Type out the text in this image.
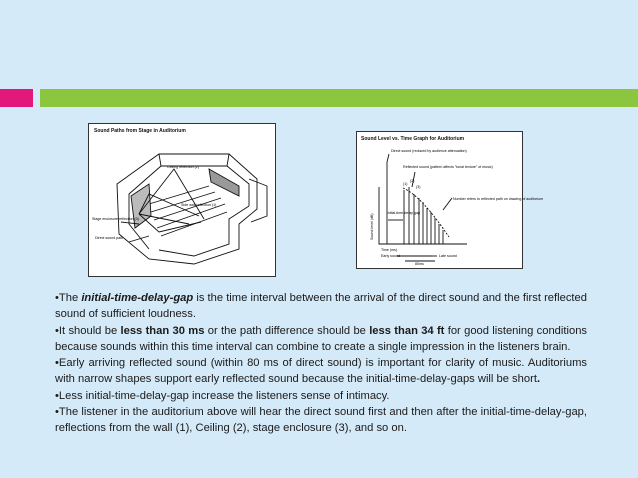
Sound Paths from Stage in Auditorium
Ceiling reflection (2)
Side wall reflection (1)
Stage enclosure reflection (3)
Direct sound path
Sound Level vs. Time Graph for Auditorium
Direct sound (reduced by audience attenuation)
Reflected sound (pattern affects "tonal texture" of music)
(1)
(2)
(3)
Number refers to reflected path on drawing of auditorium
initial-time-delay gap
Sound level (dB)
Time (ms)
Early sound	Late sound
80ms

•The initial-time-delay-gap is the time interval between the arrival of the direct sound and the first reflected sound of sufficient loudness.

•It should be less than 30 ms or the path difference should be less than 34 ft for good listening conditions because sounds within this time interval can combine to create a single impression in the listeners brain.

•Early arriving reflected sound (within 80 ms of direct sound) is important for clarity of music. Auditoriums with narrow shapes support early reflected sound because the initial-time-delay-gaps will be short.

•Less initial-time-delay-gap increase the listeners sense of intimacy.

•The listener in the auditorium above will hear the direct sound first and then after the initial-time-delay-gap, reflections from the wall (1), Ceiling (2), stage enclosure (3), and so on.
